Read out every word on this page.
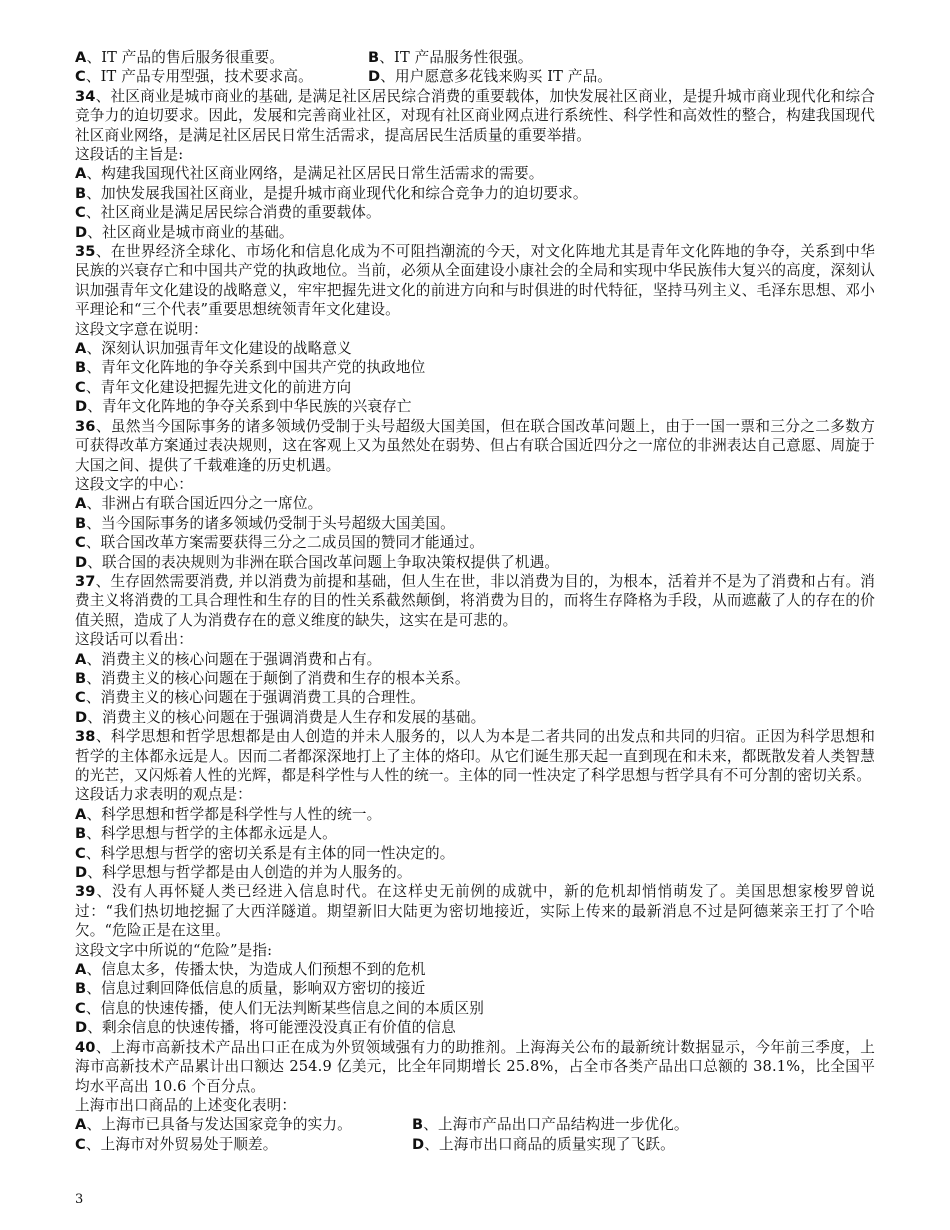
A、IT 产品的售后服务很重要。	B、IT 产品服务性很强。
C、IT 产品专用型强，技术要求高。	D、用户愿意多花钱来购买 IT 产品。
34、社区商业是城市商业的基础, 是满足社区居民综合消费的重要载体，加快发展社区商业，是提升城市商业现代化和综合竞争力的迫切要求。因此，发展和完善商业社区，对现有社区商业网点进行系统性、科学性和高效性的整合，构建我国现代社区商业网络，是满足社区居民日常生活需求，提高居民生活质量的重要举措。
这段话的主旨是:
A、构建我国现代社区商业网络，是满足社区居民日常生活需求的需要。
B、加快发展我国社区商业，是提升城市商业现代化和综合竞争力的迫切要求。
C、社区商业是满足居民综合消费的重要载体。
D、社区商业是城市商业的基础。
35、在世界经济全球化、市场化和信息化成为不可阻挡潮流的今天，对文化阵地尤其是青年文化阵地的争夺，关系到中华民族的兴衰存亡和中国共产党的执政地位。当前，必须从全面建设小康社会的全局和实现中华民族伟大复兴的高度，深刻认识加强青年文化建设的战略意义，牢牢把握先进文化的前进方向和与时俱进的时代特征，坚持马列主义、毛泽东思想、邓小平理论和“三个代表”重要思想统领青年文化建设。
这段文字意在说明：
A、深刻认识加强青年文化建设的战略意义
B、青年文化阵地的争夺关系到中国共产党的执政地位
C、青年文化建设把握先进文化的前进方向
D、青年文化阵地的争夺关系到中华民族的兴衰存亡
36、虽然当今国际事务的诸多领域仍受制于头号超级大国美国，但在联合国改革问题上，由于一国一票和三分之二多数方可获得改革方案通过表决规则，这在客观上又为虽然处在弱势、但占有联合国近四分之一席位的非洲表达自己意愿、周旋于大国之间、提供了千载难逢的历史机遇。
这段文字的中心：
A、非洲占有联合国近四分之一席位。
B、当今国际事务的诸多领域仍受制于头号超级大国美国。
C、联合国改革方案需要获得三分之二成员国的赞同才能通过。
D、联合国的表决规则为非洲在联合国改革问题上争取决策权提供了机遇。
37、生存固然需要消费, 并以消费为前提和基础，但人生在世，非以消费为目的，为根本，活着并不是为了消费和占有。消费主义将消费的工具合理性和生存的目的性关系截然颠倒，将消费为目的，而将生存降格为手段，从而遮蔽了人的存在的价值关照，造成了人为消费存在的意义维度的缺失，这实在是可悲的。
这段话可以看出：
A、消费主义的核心问题在于强调消费和占有。
B、消费主义的核心问题在于颠倒了消费和生存的根本关系。
C、消费主义的核心问题在于强调消费工具的合理性。
D、消费主义的核心问题在于强调消费是人生存和发展的基础。
38、科学思想和哲学思想都是由人创造的并未人服务的，以人为本是二者共同的出发点和共同的归宿。正因为科学思想和哲学的主体都永远是人。因而二者都深深地打上了主体的烙印。从它们诞生那天起一直到现在和未来，都既散发着人类智慧的光芒，又闪烁着人性的光辉，都是科学性与人性的统一。主体的同一性决定了科学思想与哲学具有不可分割的密切关系。
这段话力求表明的观点是：
A、科学思想和哲学都是科学性与人性的统一。
B、科学思想与哲学的主体都永远是人。
C、科学思想与哲学的密切关系是有主体的同一性决定的。
D、科学思想与哲学都是由人创造的并为人服务的。
39、没有人再怀疑人类已经进入信息时代。在这样史无前例的成就中，新的危机却悄悄萌发了。美国思想家梭罗曾说过：“我们热切地挖掘了大西洋隧道。期望新旧大陆更为密切地接近，实际上传来的最新消息不过是阿德莱亲王打了个哈欠。“危险正是在这里。
这段文字中所说的“危险”是指:
A、信息太多，传播太快，为造成人们预想不到的危机
B、信息过剩回降低信息的质量，影响双方密切的接近
C、信息的快速传播，使人们无法判断某些信息之间的本质区别
D、剩余信息的快速传播，将可能湮没没真正有价值的信息
40、上海市高新技术产品出口正在成为外贸领域强有力的助推剂。上海海关公布的最新统计数据显示，今年前三季度，上海市高新技术产品累计出口额达 254.9 亿美元，比全年同期增长 25.8%，占全市各类产品出口总额的 38.1%，比全国平均水平高出 10.6 个百分点。
上海市出口商品的上述变化表明：
A、上海市已具备与发达国家竞争的实力。	B、上海市产品出口产品结构进一步优化。
C、上海市对外贸易处于顺差。	D、上海市出口商品的质量实现了飞跃。
3
